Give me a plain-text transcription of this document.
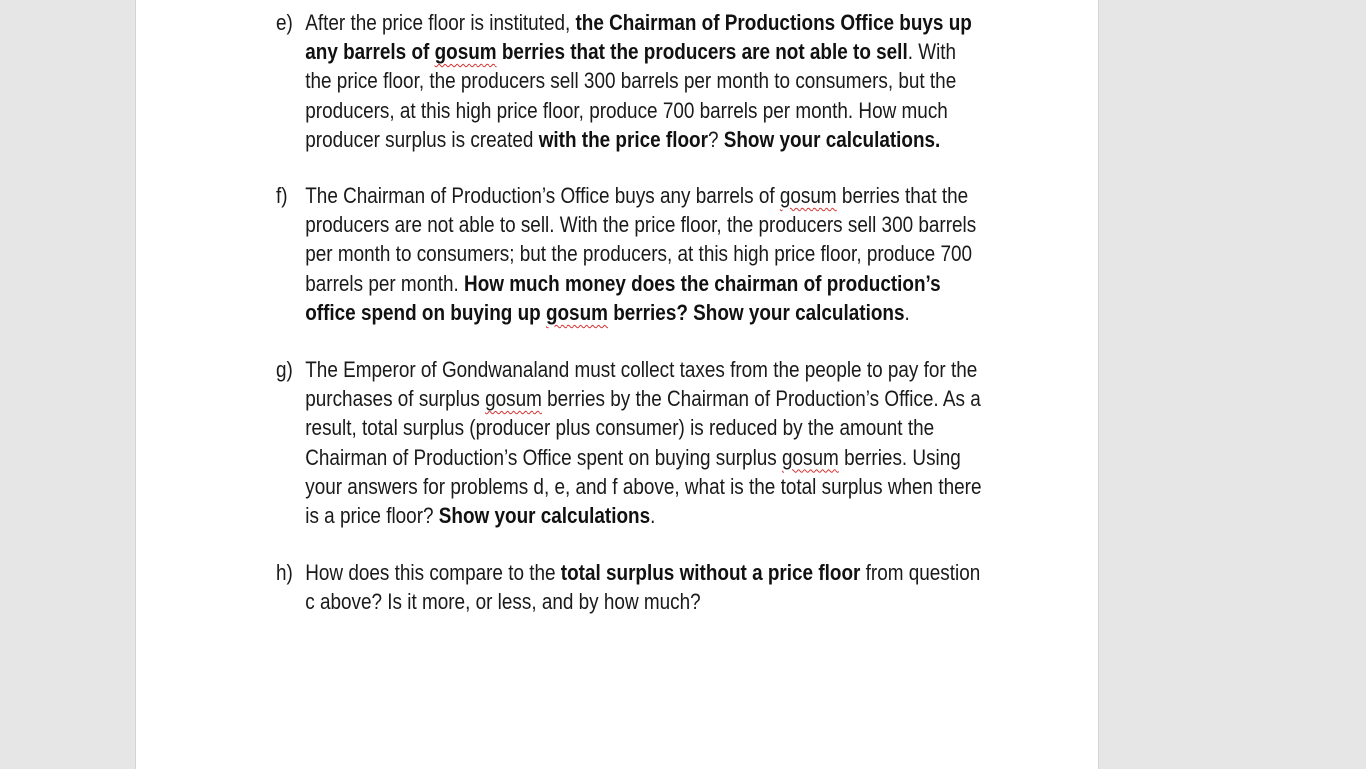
e) After the price floor is instituted, the Chairman of Productions Office buys up
any barrels of gosum berries that the producers are not able to sell. With
the price floor, the producers sell 300 barrels per month to consumers, but the
producers, at this high price floor, produce 700 barrels per month. How much
producer surplus is created with the price floor? Show your calculations.
f) The Chairman of Production’s Office buys any barrels of gosum berries that the
producers are not able to sell. With the price floor, the producers sell 300 barrels
per month to consumers; but the producers, at this high price floor, produce 700
barrels per month. How much money does the chairman of production’s
office spend on buying up gosum berries? Show your calculations.
g) The Emperor of Gondwanaland must collect taxes from the people to pay for the
purchases of surplus gosum berries by the Chairman of Production’s Office. As a
result, total surplus (producer plus consumer) is reduced by the amount the
Chairman of Production’s Office spent on buying surplus gosum berries. Using
your answers for problems d, e, and f above, what is the total surplus when there
is a price floor? Show your calculations.
h) How does this compare to the total surplus without a price floor from question
c above? Is it more, or less, and by how much?
